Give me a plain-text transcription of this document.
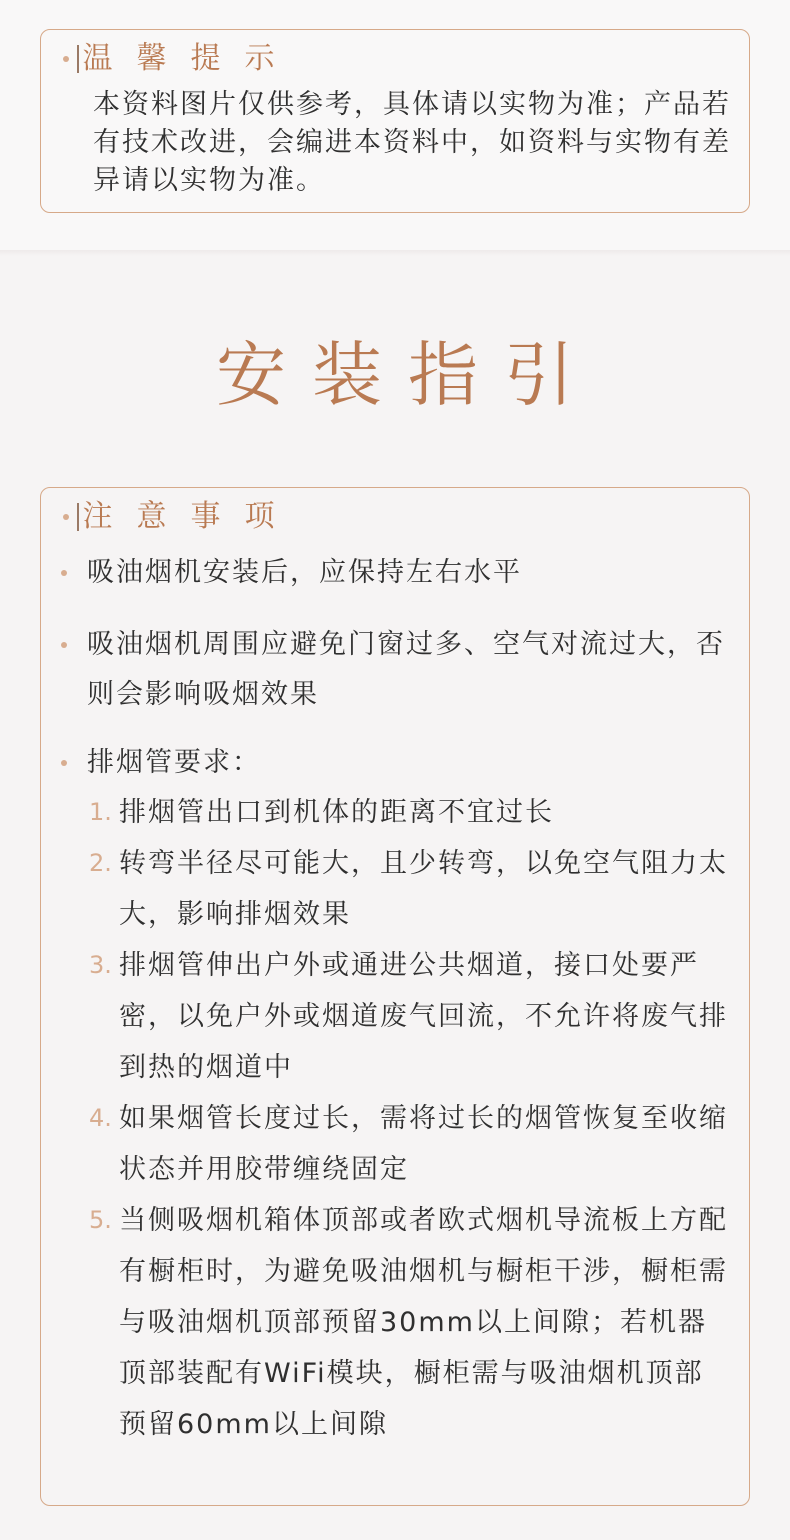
温馨提示
本资料图片仅供参考，具体请以实物为准；产品若有技术改进，会编进本资料中，如资料与实物有差异请以实物为准。
安装指引
注意事项
吸油烟机安装后，应保持左右水平
吸油烟机周围应避免门窗过多、空气对流过大，否则会影响吸烟效果
排烟管要求：
1. 排烟管出口到机体的距离不宜过长
2. 转弯半径尽可能大，且少转弯，以免空气阻力太大，影响排烟效果
3. 排烟管伸出户外或通进公共烟道，接口处要严密，以免户外或烟道废气回流，不允许将废气排到热的烟道中
4. 如果烟管长度过长，需将过长的烟管恢复至收缩状态并用胶带缠绕固定
5. 当侧吸烟机箱体顶部或者欧式烟机导流板上方配有橱柜时，为避免吸油烟机与橱柜干涉，橱柜需与吸油烟机顶部预留30mm以上间隙；若机器顶部装配有WiFi模块，橱柜需与吸油烟机顶部预留60mm以上间隙
